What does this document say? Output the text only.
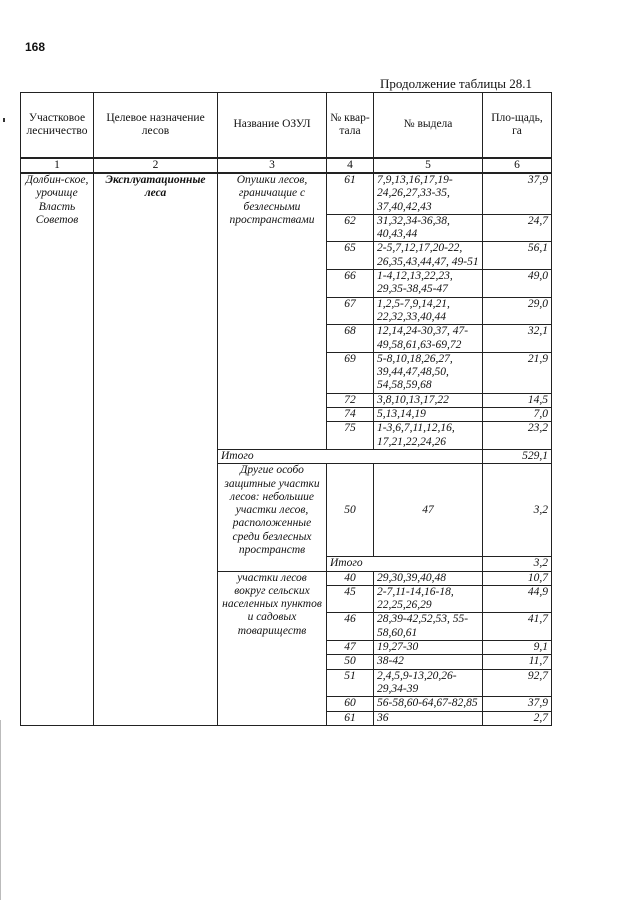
168
Продолжение таблицы 28.1
Участковое лесничество	Целевое назначение лесов	Название ОЗУЛ	№ квар-тала	№ выдела	Пло-щадь, га
1	2	3	4	5	6
Долбин-ское, урочище Власть Советов	Эксплуатационные леса	Опушки лесов, граничащие с безлесными пространствами	61	7,9,13,16,17,19-24,26,27,33-35, 37,40,42,43	37,9
			62	31,32,34-36,38, 40,43,44	24,7
			65	2-5,7,12,17,20-22, 26,35,43,44,47, 49-51	56,1
			66	1-4,12,13,22,23, 29,35-38,45-47	49,0
			67	1,2,5-7,9,14,21, 22,32,33,40,44	29,0
			68	12,14,24-30,37, 47-49,58,61,63-69,72	32,1
			69	5-8,10,18,26,27, 39,44,47,48,50, 54,58,59,68	21,9
			72	3,8,10,13,17,22	14,5
			74	5,13,14,19	7,0
			75	1-3,6,7,11,12,16, 17,21,22,24,26	23,2
		Итого			529,1
		Другие особо защитные участки лесов: небольшие участки лесов, расположенные среди безлесных пространств	50	47	3,2
			Итого		3,2
		участки лесов вокруг сельских населенных пунктов и садовых товариществ	40	29,30,39,40,48	10,7
			45	2-7,11-14,16-18, 22,25,26,29	44,9
			46	28,39-42,52,53, 55-58,60,61	41,7
			47	19,27-30	9,1
			50	38-42	11,7
			51	2,4,5,9-13,20,26-29,34-39	92,7
			60	56-58,60-64,67-82,85	37,9
			61	36	2,7
